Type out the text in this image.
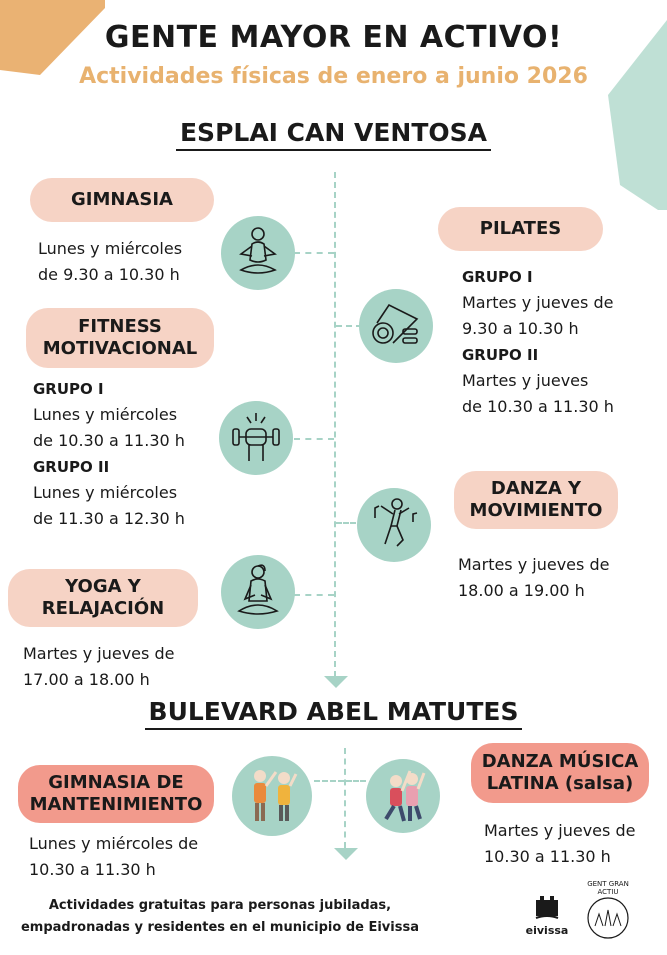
GENTE MAYOR EN ACTIVO!
Actividades físicas de enero a junio 2026
ESPLAI CAN VENTOSA
GIMNASIA
Lunes y miércoles
de 9.30 a 10.30 h
FITNESS
MOTIVACIONAL
GRUPO I
Lunes y miércoles
de 10.30 a 11.30 h
GRUPO II
Lunes y miércoles
de 11.30 a 12.30 h
YOGA Y
RELAJACIÓN
Martes y jueves de
17.00 a 18.00 h
PILATES
GRUPO I
Martes y jueves de
9.30 a 10.30 h
GRUPO II
Martes y jueves
de 10.30 a 11.30 h
DANZA Y
MOVIMIENTO
Martes y jueves de
18.00 a 19.00 h
BULEVARD ABEL MATUTES
GIMNASIA DE
MANTENIMIENTO
Lunes y miércoles de
10.30 a 11.30 h
DANZA MÚSICA
LATINA (salsa)
Martes y jueves de
10.30 a 11.30 h
Actividades gratuitas para personas jubiladas,
empadronadas y residentes en el municipio de Eivissa	eivissa
GENT GRAN ACTIU
